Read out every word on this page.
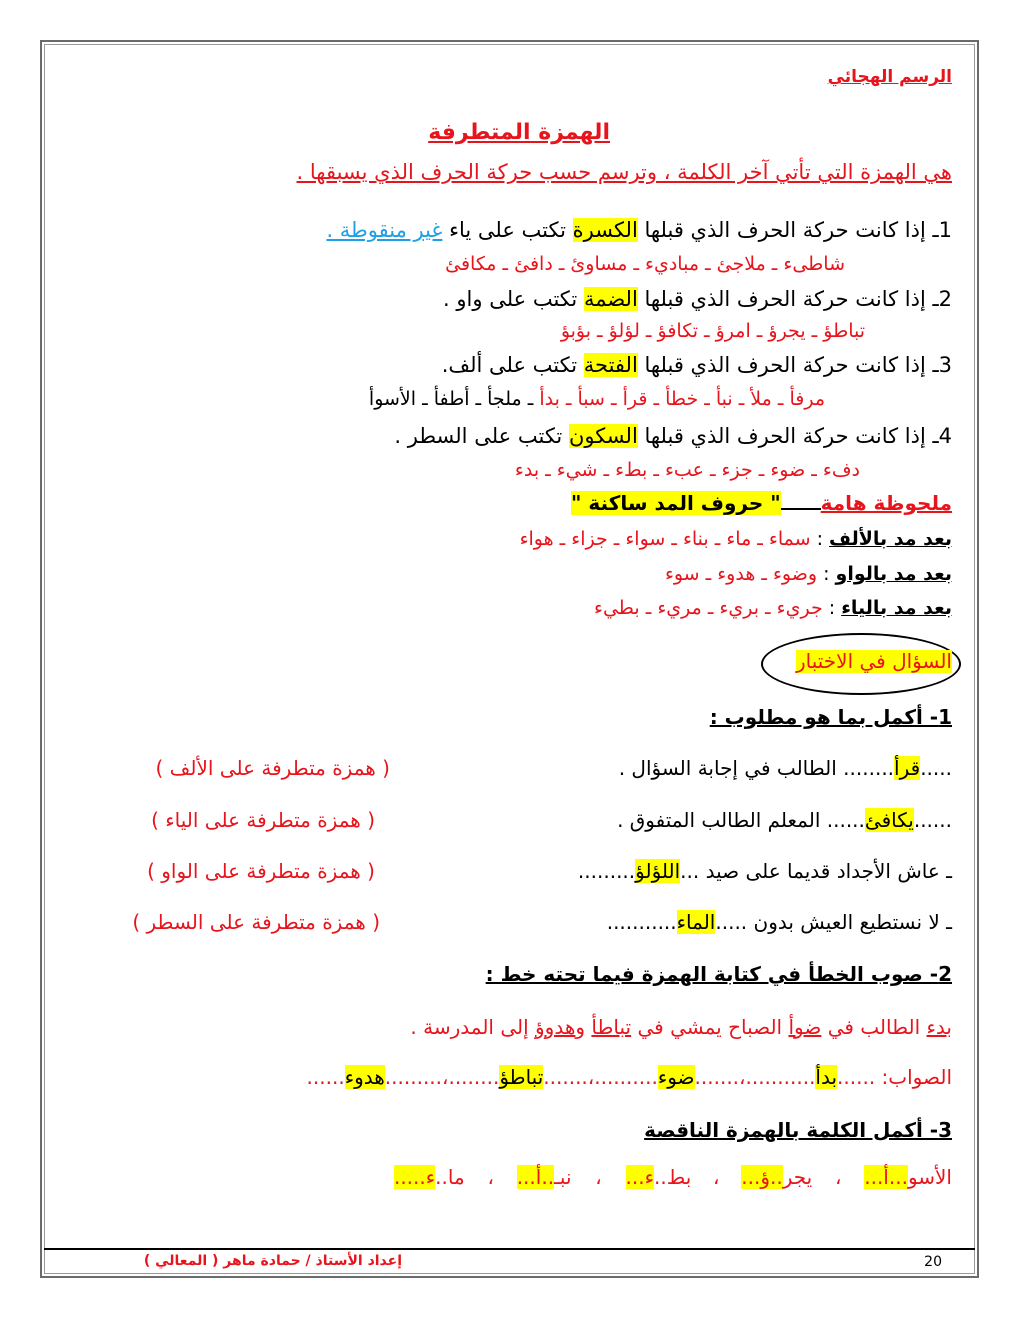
الرسم الهجائي
الهمزة المتطرفة
هي الهمزة التي تأتي آخر الكلمة ، وترسم حسب حركة الحرف الذي يسبقها .
1ـ إذا كانت حركة الحرف الذي قبلها الكسرة تكتب على ياء غير منقوطة .
شاطىء ـ ملاجئ ـ مباديء ـ مساوئ ـ دافئ ـ مكافئ
2ـ إذا كانت حركة الحرف الذي قبلها الضمة تكتب على واو .
تباطؤ ـ يجرؤ ـ امرؤ ـ تكافؤ ـ لؤلؤ ـ بؤبؤ
3ـ إذا كانت حركة الحرف الذي قبلها الفتحة تكتب على ألف.
مرفأ ـ ملأ ـ نبأ ـ خطأ ـ قرأ ـ سبأ ـ بدأ ـ ملجأ ـ أطفأ ـ الأسوأ
4ـ إذا كانت حركة الحرف الذي قبلها السكون تكتب على السطر .
دفء ـ ضوء ـ جزء ـ عبء ـ بطء ـ شيء ـ بدء
ملحوظة هامة" حروف المد ساكنة "
بعد مد بالألف : سماء ـ ماء ـ بناء ـ سواء ـ جزاء ـ هواء
بعد مد بالواو : وضوء ـ هدوء ـ سوء
بعد مد بالياء : جريء ـ بريء ـ مريء ـ بطيء
السؤال في الاختبار
1- أكمل بما هو مطلوب :
.....قرأ........ الطالب في إجابة السؤال .
( همزة متطرفة على الألف )
......يكافئ...... المعلم الطالب المتفوق .
( همزة متطرفة على الياء )
ـ عاش الأجداد قديما على صيد ...اللؤلؤ.........
( همزة متطرفة على الواو )
ـ لا نستطيع العيش بدون .....الماء...........
( همزة متطرفة على السطر )
2- صوب الخطأ في كتابة الهمزة فيما تحته خط :
بدء الطالب في ضوأ الصباح يمشي في تباطأ وهدوؤ إلى المدرسة .
الصواب: ......بدأ...........،.......ضوء..........،.......تباطؤ........،.........هدوء......
3- أكمل الكلمة بالهمزة الناقصة
الأسو...أ...،يجر..ؤ...،بط..ء...،نبـ..أ...،ما..ء.....
إعداد الأستاذ / حمادة ماهر ( المعالي )	20
